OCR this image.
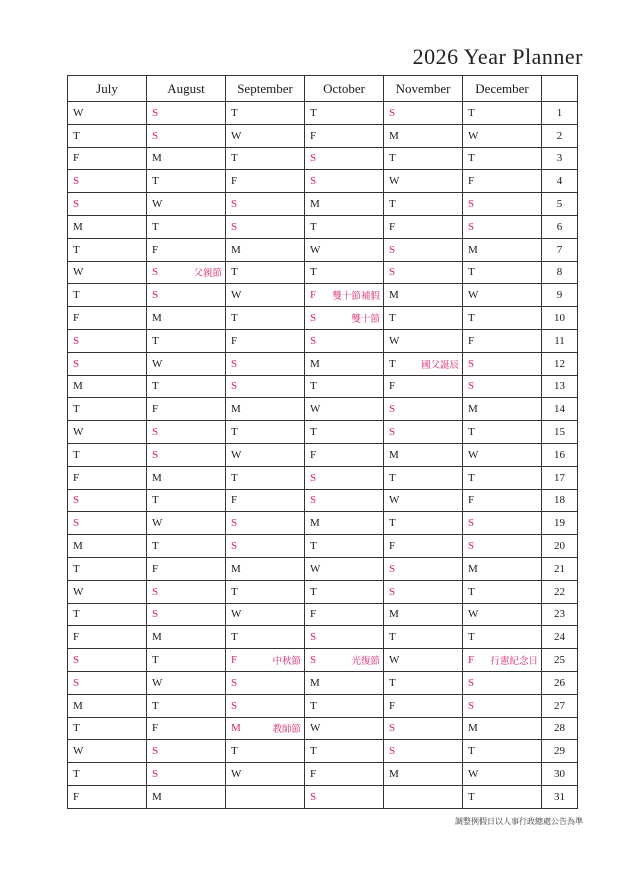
2026 Year Planner
July	August	September	October	November	December	

W	S	T	T	S	T	1

T	S	W	F	M	W	2

F	M	T	S	T	T	3

S	T	F	S	W	F	4

S	W	S	M	T	S	5

M	T	S	T	F	S	6

T	F	M	W	S	M	7

W	S 父親節	T	T	S	T	8

T	S	W	F 雙十節補假	M	W	9

F	M	T	S 雙十節	T	T	10

S	T	F	S	W	F	11

S	W	S	M	T 國父誕辰	S	12

M	T	S	T	F	S	13

T	F	M	W	S	M	14

W	S	T	T	S	T	15

T	S	W	F	M	W	16

F	M	T	S	T	T	17

S	T	F	S	W	F	18

S	W	S	M	T	S	19

M	T	S	T	F	S	20

T	F	M	W	S	M	21

W	S	T	T	S	T	22

T	S	W	F	M	W	23

F	M	T	S	T	T	24

S	T	F 中秋節	S 光復節	W	F 行憲紀念日	25

S	W	S	M	T	S	26

M	T	S	T	F	S	27

T	F	M 教師節	W	S	M	28

W	S	T	T	S	T	29

T	S	W	F	M	W	30

F	M		S		T	31
調整例假日以人事行政總處公告為準
